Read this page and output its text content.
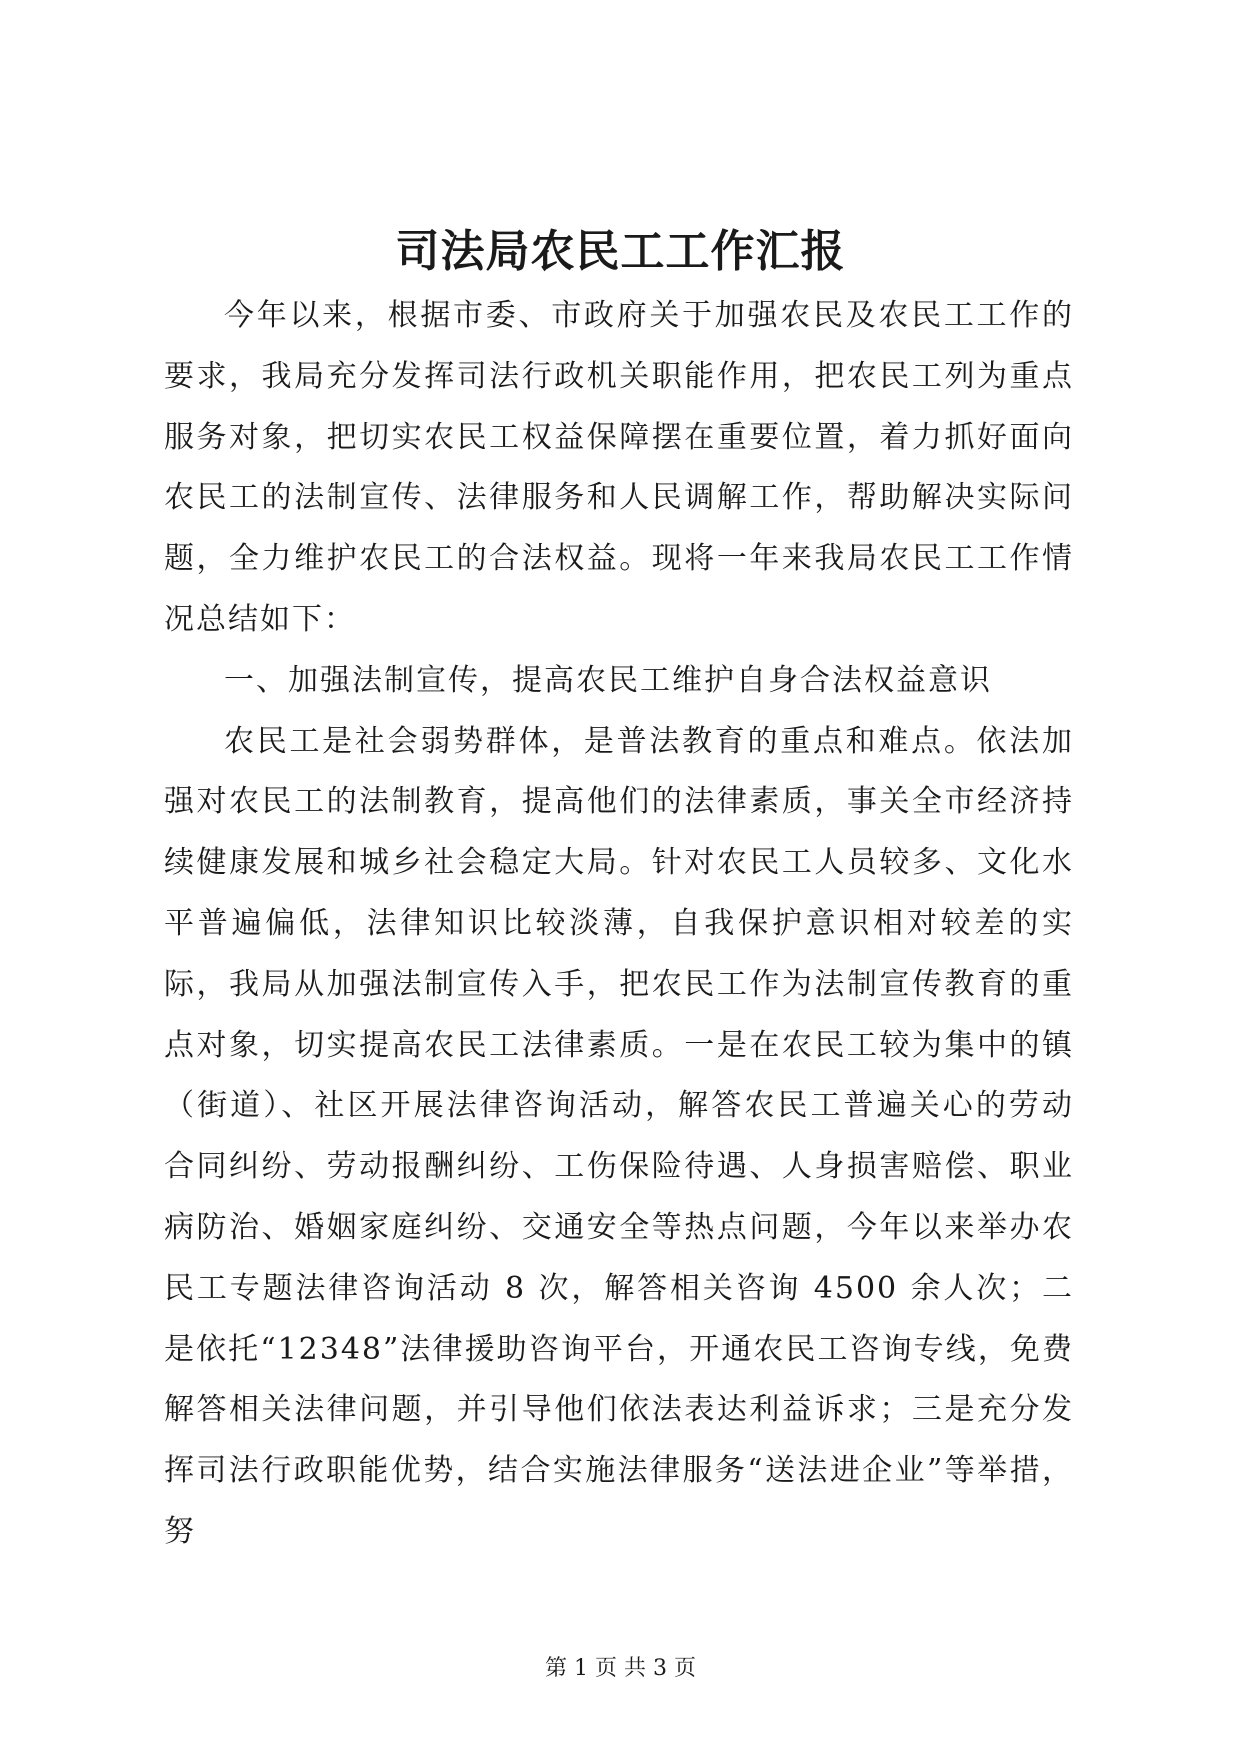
司法局农民工工作汇报

今年以来，根据市委、市政府关于加强农民及农民工工作的要求，我局充分发挥司法行政机关职能作用，把农民工列为重点服务对象，把切实农民工权益保障摆在重要位置，着力抓好面向农民工的法制宣传、法律服务和人民调解工作，帮助解决实际问题，全力维护农民工的合法权益。现将一年来我局农民工工作情况总结如下：

一、加强法制宣传，提高农民工维护自身合法权益意识

农民工是社会弱势群体，是普法教育的重点和难点。依法加强对农民工的法制教育，提高他们的法律素质，事关全市经济持续健康发展和城乡社会稳定大局。针对农民工人员较多、文化水平普遍偏低，法律知识比较淡薄，自我保护意识相对较差的实际，我局从加强法制宣传入手，把农民工作为法制宣传教育的重点对象，切实提高农民工法律素质。一是在农民工较为集中的镇（街道）、社区开展法律咨询活动，解答农民工普遍关心的劳动合同纠纷、劳动报酬纠纷、工伤保险待遇、人身损害赔偿、职业病防治、婚姻家庭纠纷、交通安全等热点问题，今年以来举办农民工专题法律咨询活动 8 次，解答相关咨询 4500 余人次；二是依托“12348”法律援助咨询平台，开通农民工咨询专线，免费解答相关法律问题，并引导他们依法表达利益诉求；三是充分发挥司法行政职能优势，结合实施法律服务“送法进企业”等举措，努

第 1 页 共 3 页
